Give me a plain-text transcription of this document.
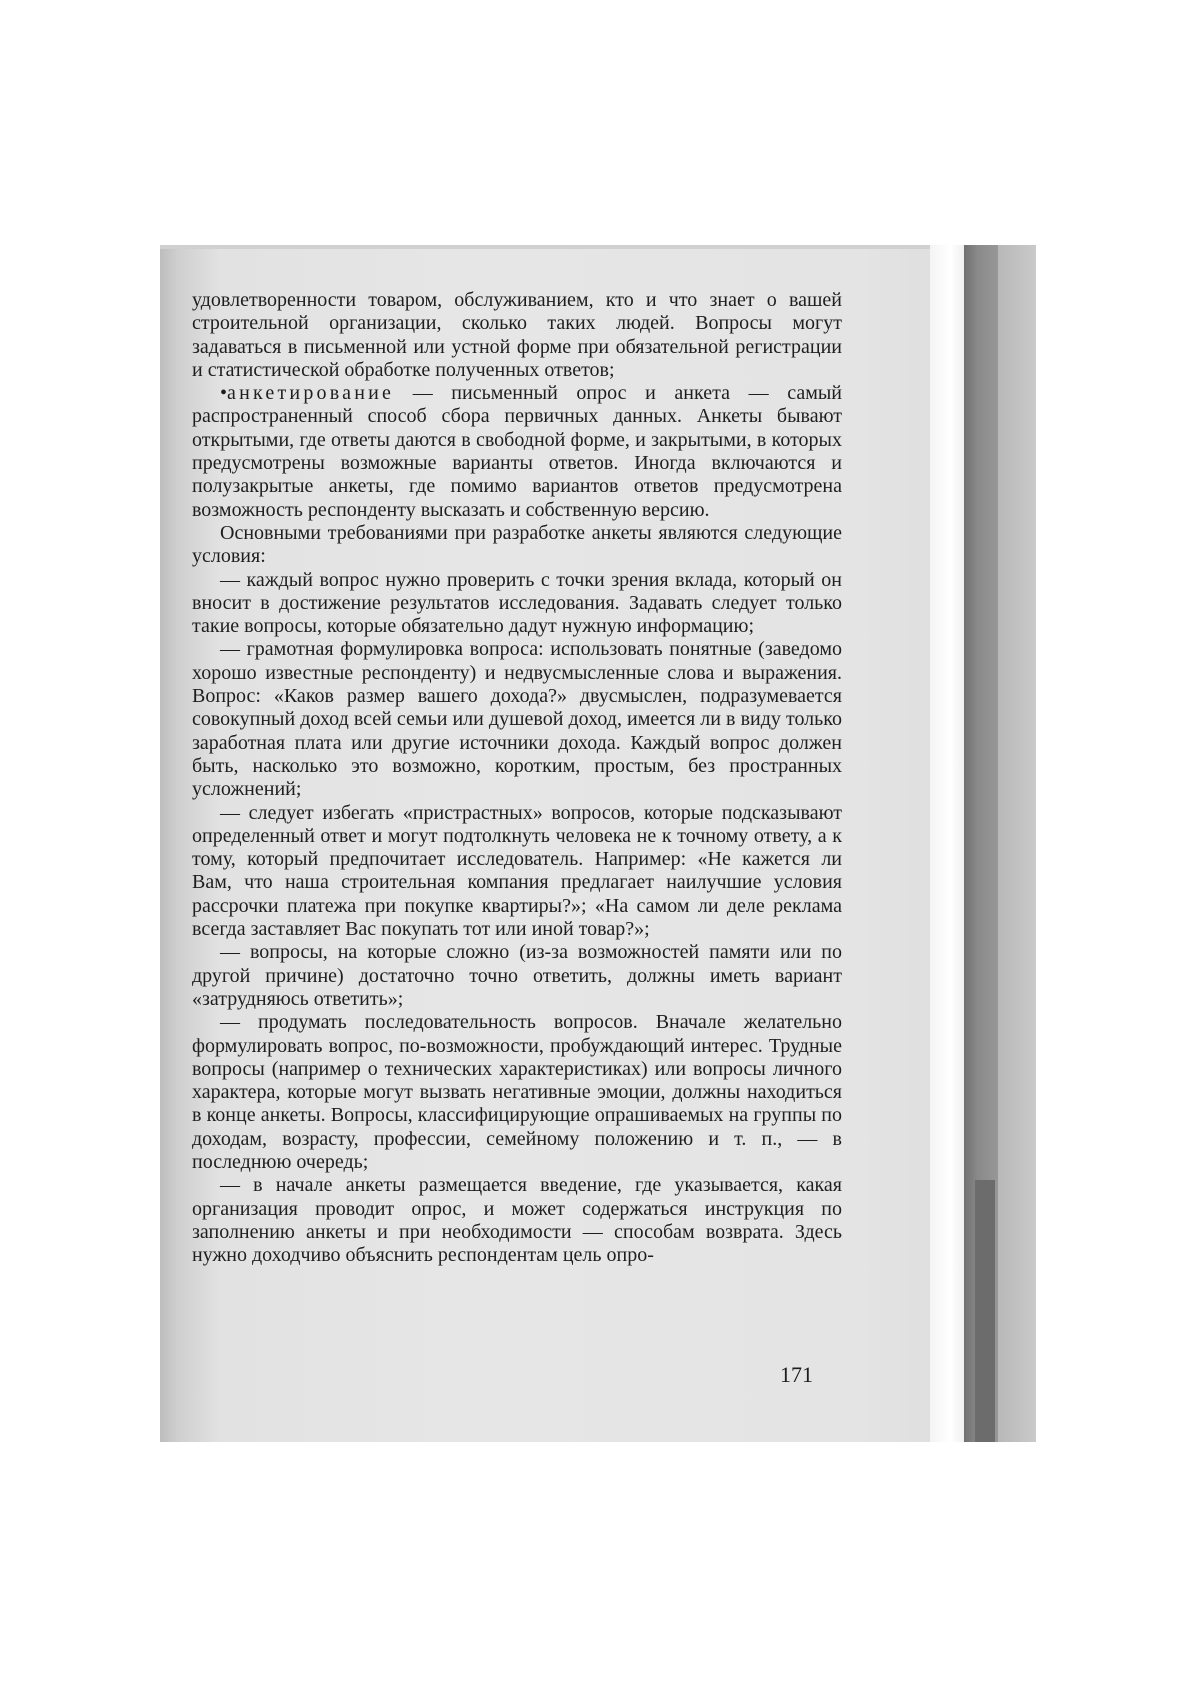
удовлетворенности товаром, обслуживанием, кто и что знает о вашей строительной организации, сколько таких людей. Вопросы могут задаваться в письменной или устной форме при обязательной регистрации и статистической обработке полученных ответов;

•анкетирование — письменный опрос и анкета — самый распространенный способ сбора первичных данных. Анкеты бывают открытыми, где ответы даются в свободной форме, и закрытыми, в которых предусмотрены возможные варианты ответов. Иногда включаются и полузакрытые анкеты, где помимо вариантов ответов предусмотрена возможность респонденту высказать и собственную версию.

Основными требованиями при разработке анкеты являются следующие условия:

— каждый вопрос нужно проверить с точки зрения вклада, который он вносит в достижение результатов исследования. Задавать следует только такие вопросы, которые обязательно дадут нужную информацию;

— грамотная формулировка вопроса: использовать понятные (заведомо хорошо известные респонденту) и недвусмысленные слова и выражения. Вопрос: «Каков размер вашего дохода?» двусмыслен, подразумевается совокупный доход всей семьи или душевой доход, имеется ли в виду только заработная плата или другие источники дохода. Каждый вопрос должен быть, насколько это возможно, коротким, простым, без пространных усложнений;

— следует избегать «пристрастных» вопросов, которые подсказывают определенный ответ и могут подтолкнуть человека не к точному ответу, а к тому, который предпочитает исследователь. Например: «Не кажется ли Вам, что наша строительная компания предлагает наилучшие условия рассрочки платежа при покупке квартиры?»; «На самом ли деле реклама всегда заставляет Вас покупать тот или иной товар?»;

— вопросы, на которые сложно (из-за возможностей памяти или по другой причине) достаточно точно ответить, должны иметь вариант «затрудняюсь ответить»;

— продумать последовательность вопросов. Вначале желательно формулировать вопрос, по-возможности, пробуждающий интерес. Трудные вопросы (например о технических характеристиках) или вопросы личного характера, которые могут вызвать негативные эмоции, должны находиться в конце анкеты. Вопросы, классифицирующие опрашиваемых на группы по доходам, возрасту, профессии, семейному положению и т. п., — в последнюю очередь;

— в начале анкеты размещается введение, где указывается, какая организация проводит опрос, и может содержаться инструкция по заполнению анкеты и при необходимости — способам возврата. Здесь нужно доходчиво объяснить респондентам цель опро-

171
